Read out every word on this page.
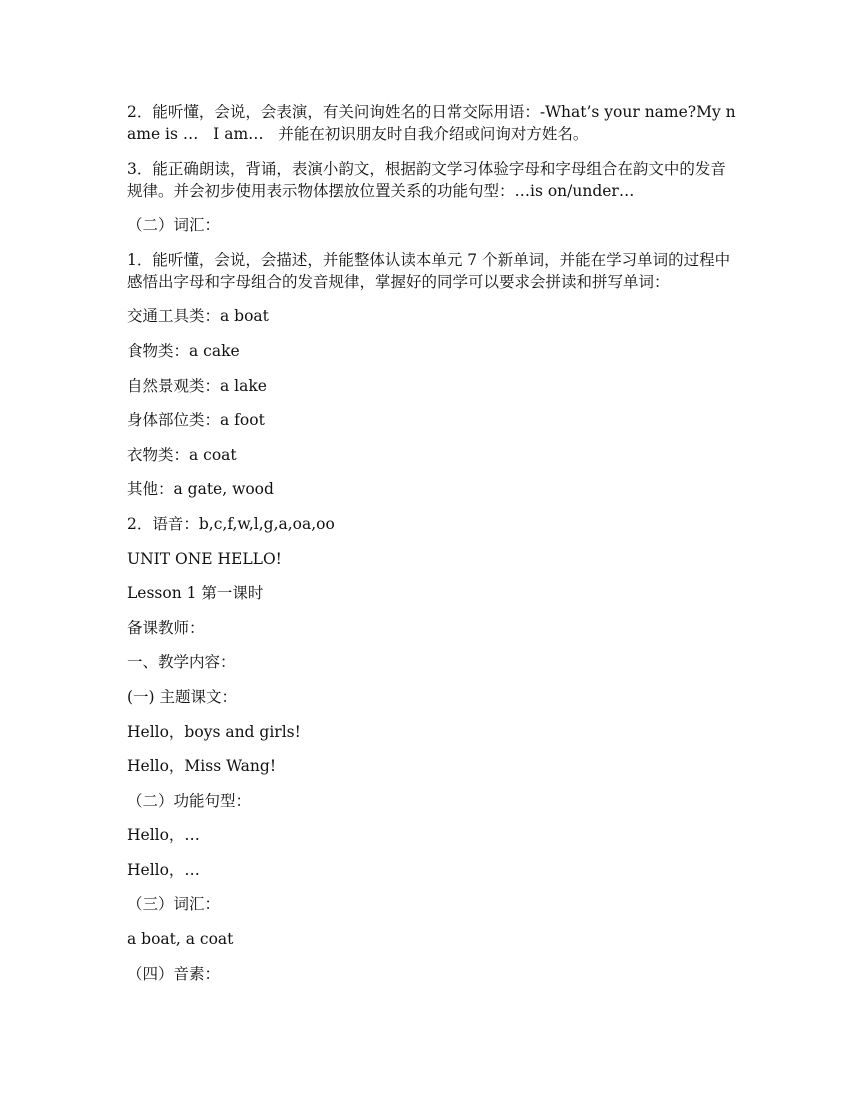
2．能听懂，会说，会表演，有关问询姓名的日常交际用语：-What’s your name?My name is …   I am…   并能在初识朋友时自我介绍或问询对方姓名。

3．能正确朗读，背诵，表演小韵文，根据韵文学习体验字母和字母组合在韵文中的发音规律。并会初步使用表示物体摆放位置关系的功能句型：…is on/under…

（二）词汇：

1．能听懂，会说，会描述，并能整体认读本单元 7 个新单词，并能在学习单词的过程中感悟出字母和字母组合的发音规律，掌握好的同学可以要求会拼读和拼写单词：

交通工具类：a boat

食物类：a cake

自然景观类：a lake

身体部位类：a foot

衣物类：a coat

其他：a gate, wood

2．语音：b,c,f,w,l,g,a,oa,oo

UNIT ONE HELLO!

Lesson 1 第一课时

备课教师：

一、教学内容：

(一) 主题课文：

Hello，boys and girls!

Hello，Miss Wang!

（二）功能句型：

Hello，…

Hello，…

（三）词汇：

a boat, a coat

（四）音素：
